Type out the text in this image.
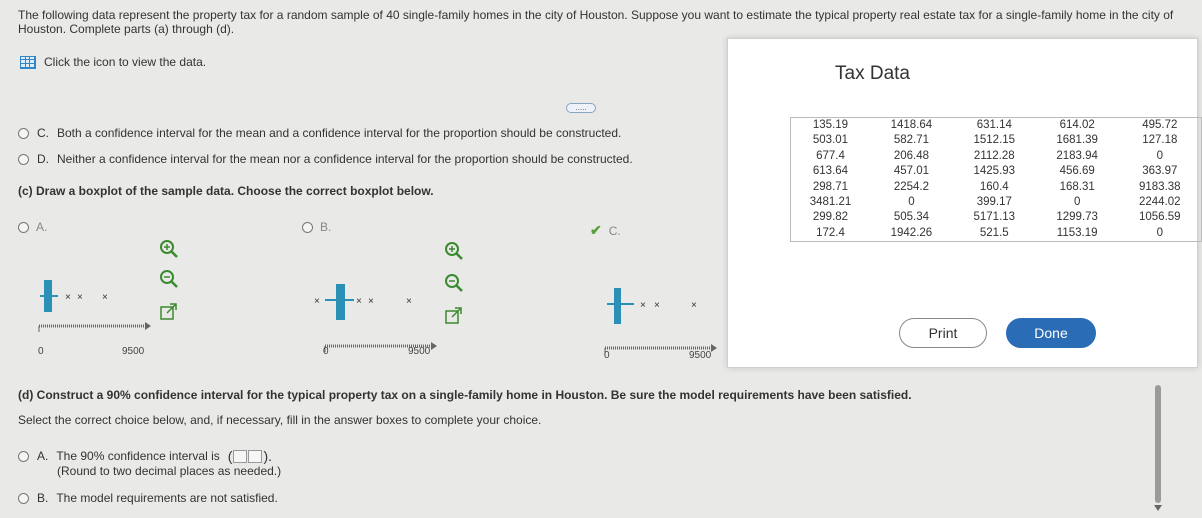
The following data represent the property tax for a random sample of 40 single-family homes in the city of Houston. Suppose you want to estimate the typical property real estate tax for a single-family home in the city of Houston. Complete parts (a) through (d).
Click the icon to view the data.
.....
C. Both a confidence interval for the mean and a confidence interval for the proportion should be constructed.
D. Neither a confidence interval for the mean nor a confidence interval for the proportion should be constructed.
(c) Draw a boxplot of the sample data. Choose the correct boxplot below.
A.
× × ×
0	9500
B.
×	× ×	×
0	9500
✔ C.
× ×	×
0	9500
(d) Construct a 90% confidence interval for the typical property tax on a single-family home in Houston. Be sure the model requirements have been satisfied.
Select the correct choice below, and, if necessary, fill in the answer boxes to complete your choice.
A. The 90% confidence interval is ( ).
(Round to two decimal places as needed.)
B. The model requirements are not satisfied.
Tax Data
135.19	1418.64	631.14	614.02	495.72
503.01	582.71	1512.15	1681.39	127.18
677.4	206.48	2112.28	2183.94	0
613.64	457.01	1425.93	456.69	363.97
298.71	2254.2	160.4	168.31	9183.38
3481.21	0	399.17	0	2244.02
299.82	505.34	5171.13	1299.73	1056.59
172.4	1942.26	521.5	1153.19	0
Print	Done
